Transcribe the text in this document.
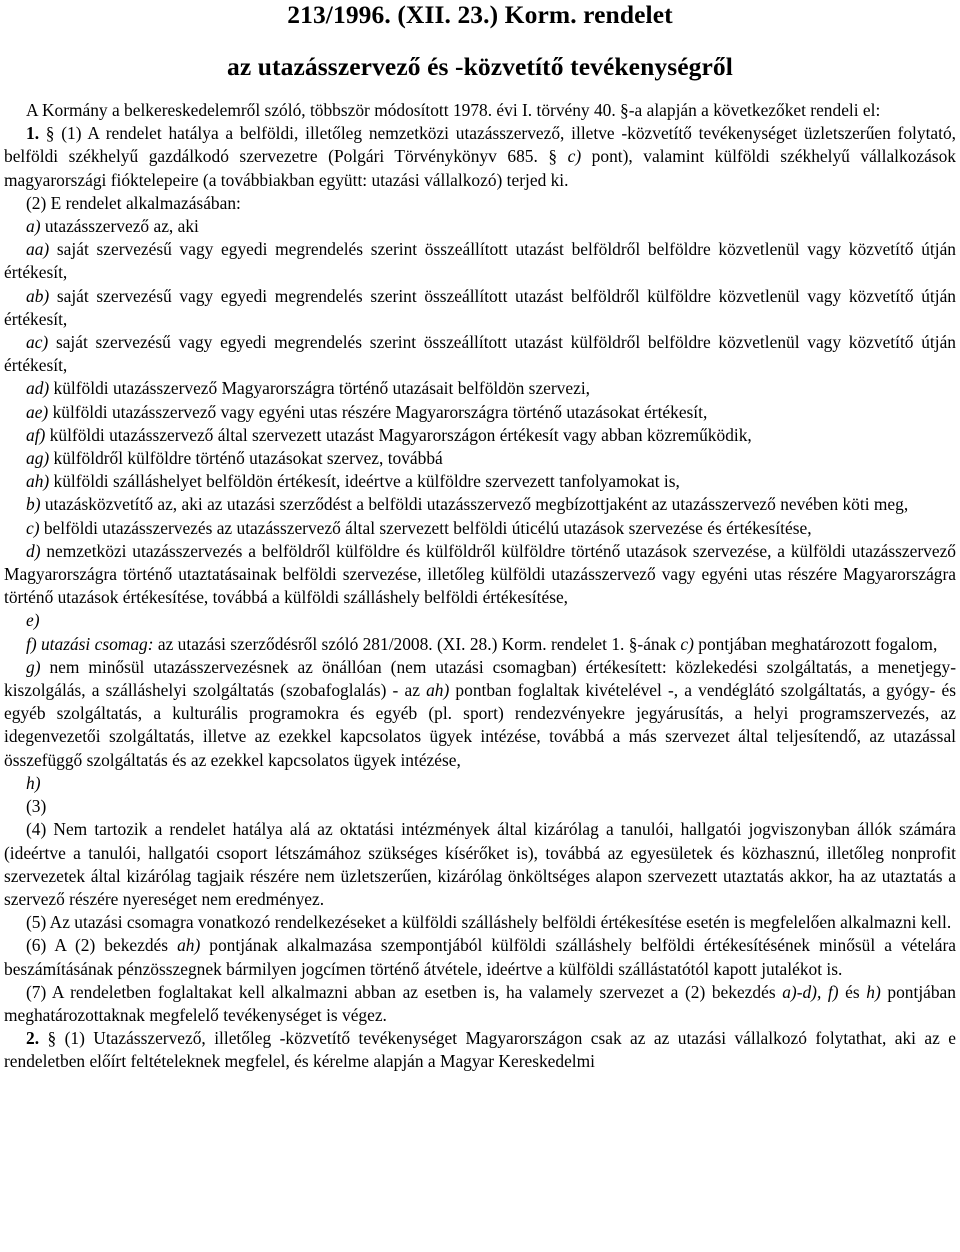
213/1996. (XII. 23.) Korm. rendelet
az utazásszervező és -közvetítő tevékenységről

A Kormány a belkereskedelemről szóló, többször módosított 1978. évi I. törvény 40. §-a alapján a következőket rendeli el:

1. § (1) A rendelet hatálya a belföldi, illetőleg nemzetközi utazásszervező, illetve -közvetítő tevékenységet üzletszerűen folytató, belföldi székhelyű gazdálkodó szervezetre (Polgári Törvénykönyv 685. § c) pont), valamint külföldi székhelyű vállalkozások magyarországi fióktelepeire (a továbbiakban együtt: utazási vállalkozó) terjed ki.

(2) E rendelet alkalmazásában:

a) utazásszervező az, aki

aa) saját szervezésű vagy egyedi megrendelés szerint összeállított utazást belföldről belföldre közvetlenül vagy közvetítő útján értékesít,

ab) saját szervezésű vagy egyedi megrendelés szerint összeállított utazást belföldről külföldre közvetlenül vagy közvetítő útján értékesít,

ac) saját szervezésű vagy egyedi megrendelés szerint összeállított utazást külföldről belföldre közvetlenül vagy közvetítő útján értékesít,

ad) külföldi utazásszervező Magyarországra történő utazásait belföldön szervezi,

ae) külföldi utazásszervező vagy egyéni utas részére Magyarországra történő utazásokat értékesít,

af) külföldi utazásszervező által szervezett utazást Magyarországon értékesít vagy abban közreműködik,

ag) külföldről külföldre történő utazásokat szervez, továbbá

ah) külföldi szálláshelyet belföldön értékesít, ideértve a külföldre szervezett tanfolyamokat is,

b) utazásközvetítő az, aki az utazási szerződést a belföldi utazásszervező megbízottjaként az utazásszervező nevében köti meg,

c) belföldi utazásszervezés az utazásszervező által szervezett belföldi úticélú utazások szervezése és értékesítése,

d) nemzetközi utazásszervezés a belföldről külföldre és külföldről külföldre történő utazások szervezése, a külföldi utazásszervező Magyarországra történő utaztatásainak belföldi szervezése, illetőleg külföldi utazásszervező vagy egyéni utas részére Magyarországra történő utazások értékesítése, továbbá a külföldi szálláshely belföldi értékesítése,

e)

f) utazási csomag: az utazási szerződésről szóló 281/2008. (XI. 28.) Korm. rendelet 1. §-ának c) pontjában meghatározott fogalom,

g) nem minősül utazásszervezésnek az önállóan (nem utazási csomagban) értékesített: közlekedési szolgáltatás, a menetjegy-kiszolgálás, a szálláshelyi szolgáltatás (szobafoglalás) - az ah) pontban foglaltak kivételével -, a vendéglátó szolgáltatás, a gyógy- és egyéb szolgáltatás, a kulturális programokra és egyéb (pl. sport) rendezvényekre jegyárusítás, a helyi programszervezés, az idegenvezetői szolgáltatás, illetve az ezekkel kapcsolatos ügyek intézése, továbbá a más szervezet által teljesítendő, az utazással összefüggő szolgáltatás és az ezekkel kapcsolatos ügyek intézése,

h)

(3)

(4) Nem tartozik a rendelet hatálya alá az oktatási intézmények által kizárólag a tanulói, hallgatói jogviszonyban állók számára (ideértve a tanulói, hallgatói csoport létszámához szükséges kísérőket is), továbbá az egyesületek és közhasznú, illetőleg nonprofit szervezetek által kizárólag tagjaik részére nem üzletszerűen, kizárólag önköltséges alapon szervezett utaztatás akkor, ha az utaztatás a szervező részére nyereséget nem eredményez.

(5) Az utazási csomagra vonatkozó rendelkezéseket a külföldi szálláshely belföldi értékesítése esetén is megfelelően alkalmazni kell.

(6) A (2) bekezdés ah) pontjának alkalmazása szempontjából külföldi szálláshely belföldi értékesítésének minősül a vételára beszámításának pénzösszegnek bármilyen jogcímen történő átvétele, ideértve a külföldi szállástatótól kapott jutalékot is.

(7) A rendeletben foglaltakat kell alkalmazni abban az esetben is, ha valamely szervezet a (2) bekezdés a)-d), f) és h) pontjában meghatározottaknak megfelelő tevékenységet is végez.

2. § (1) Utazásszervező, illetőleg -közvetítő tevékenységet Magyarországon csak az az utazási vállalkozó folytathat, aki az e rendeletben előírt feltételeknek megfelel, és kérelme alapján a Magyar Kereskedelmi
